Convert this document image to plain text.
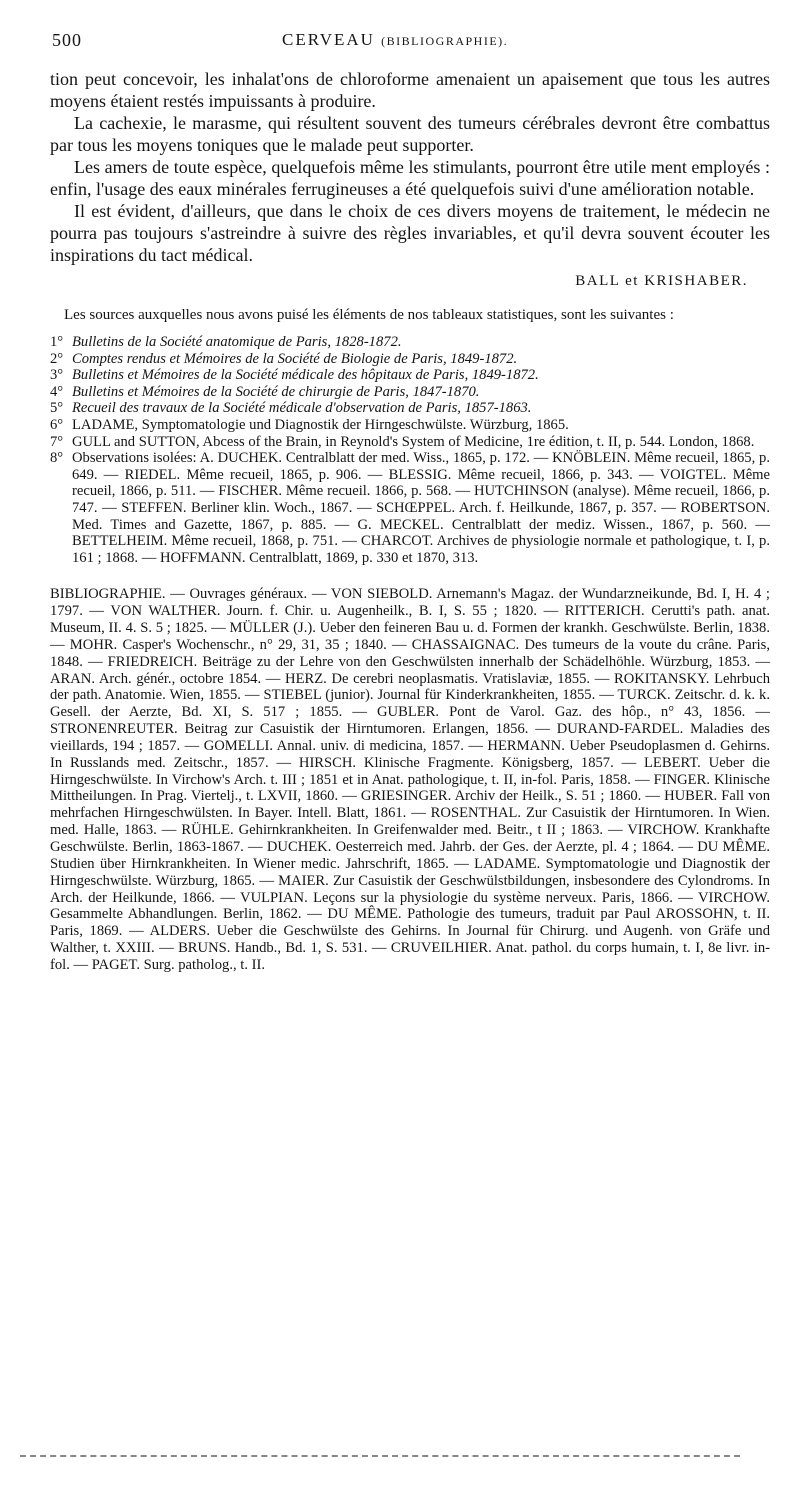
500	CERVEAU (BIBLIOGRAPHIE).

tion peut concevoir, les inhalat'ons de chloroforme amenaient un apaisement que tous les autres moyens étaient restés impuissants à produire.

La cachexie, le marasme, qui résultent souvent des tumeurs cérébrales devront être combattus par tous les moyens toniques que le malade peut supporter.

Les amers de toute espèce, quelquefois même les stimulants, pourront être utile ment employés : enfin, l'usage des eaux minérales ferrugineuses a été quelquefois suivi d'une amélioration notable.

Il est évident, d'ailleurs, que dans le choix de ces divers moyens de traitement, le médecin ne pourra pas toujours s'astreindre à suivre des règles invariables, et qu'il devra souvent écouter les inspirations du tact médical.

BALL et KRISHABER.
Les sources auxquelles nous avons puisé les éléments de nos tableaux statistiques, sont les suivantes :
1° Bulletins de la Société anatomique de Paris, 1828-1872.
2° Comptes rendus et Mémoires de la Société de Biologie de Paris, 1849-1872.
3° Bulletins et Mémoires de la Société médicale des hôpitaux de Paris, 1849-1872.
4° Bulletins et Mémoires de la Société de chirurgie de Paris, 1847-1870.
5° Recueil des travaux de la Société médicale d'observation de Paris, 1857-1863.
6° LADAME, Symptomatologie und Diagnostik der Hirngeschwülste. Würzburg, 1865.
7° GULL and SUTTON, Abcess of the Brain, in Reynold's System of Medicine, 1re édition, t. II, p. 544. London, 1868.
8° Observations isolées: A. DUCHEK. Centralblatt der med. Wiss., 1865, p. 172. — KNÖBLEIN. Même recueil, 1865, p. 649. — RIEDEL. Même recueil, 1865, p. 906. — BLESSIG. Même recueil, 1866, p. 343. — VOIGTEL. Même recueil, 1866, p. 511. — FISCHER. Même recueil. 1866, p. 568. — HUTCHINSON (analyse). Même recueil, 1866, p. 747. — STEFFEN. Berliner klin. Woch., 1867. — SCHŒPPEL. Arch. f. Heilkunde, 1867, p. 357. — ROBERTSON. Med. Times and Gazette, 1867, p. 885. — G. MECKEL. Centralblatt der mediz. Wissen., 1867, p. 560. — BETTELHEIM. Même recueil, 1868, p. 751. — CHARCOT. Archives de physiologie normale et pathologique, t. I, p. 161 ; 1868. — HOFFMANN. Centralblatt, 1869, p. 330 et 1870, 313.
BIBLIOGRAPHIE. — Ouvrages généraux. — VON SIEBOLD. Arnemann's Magaz. der Wundarzneikunde, Bd. I, H. 4 ; 1797. — VON WALTHER. Journ. f. Chir. u. Augenheilk., B. I, S. 55 ; 1820. — RITTERICH. Cerutti's path. anat. Museum, II. 4. S. 5 ; 1825. — MÜLLER (J.). Ueber den feineren Bau u. d. Formen der krankh. Geschwülste. Berlin, 1838. — MOHR. Casper's Wochenschr., n° 29, 31, 35 ; 1840. — CHASSAIGNAC. Des tumeurs de la voute du crâne. Paris, 1848. — FRIEDREICH. Beiträge zu der Lehre von den Geschwülsten innerhalb der Schädelhöhle. Würzburg, 1853. — ARAN. Arch. génér., octobre 1854. — HERZ. De cerebri neoplasmatis. Vratislaviæ, 1855. — ROKITANSKY. Lehrbuch der path. Anatomie. Wien, 1855. — STIEBEL (junior). Journal für Kinderkrankheiten, 1855. — TURCK. Zeitschr. d. k. k. Gesell. der Aerzte, Bd. XI, S. 517 ; 1855. — GUBLER. Pont de Varol. Gaz. des hôp., n° 43, 1856. — STRONENREUTER. Beitrag zur Casuistik der Hirntumoren. Erlangen, 1856. — DURAND-FARDEL. Maladies des vieillards, 194 ; 1857. — GOMELLI. Annal. univ. di medicina, 1857. — HERMANN. Ueber Pseudoplasmen d. Gehirns. In Russlands med. Zeitschr., 1857. — HIRSCH. Klinische Fragmente. Königsberg, 1857. — LEBERT. Ueber die Hirngeschwülste. In Virchow's Arch. t. III ; 1851 et in Anat. pathologique, t. II, in-fol. Paris, 1858. — FINGER. Klinische Mittheilungen. In Prag. Viertelj., t. LXVII, 1860. — GRIESINGER. Archiv der Heilk., S. 51 ; 1860. — HUBER. Fall von mehrfachen Hirngeschwülsten. In Bayer. Intell. Blatt, 1861. — ROSENTHAL. Zur Casuistik der Hirntumoren. In Wien. med. Halle, 1863. — RÜHLE. Gehirnkrankheiten. In Greifenwalder med. Beitr., t II ; 1863. — VIRCHOW. Krankhafte Geschwülste. Berlin, 1863-1867. — DUCHEK. Oesterreich med. Jahrb. der Ges. der Aerzte, pl. 4 ; 1864. — DU MÊME. Studien über Hirnkrankheiten. In Wiener medic. Jahrschrift, 1865. — LADAME. Symptomatologie und Diagnostik der Hirngeschwülste. Würzburg, 1865. — MAIER. Zur Casuistik der Geschwülstbildungen, insbesondere des Cylondroms. In Arch. der Heilkunde, 1866. — VULPIAN. Leçons sur la physiologie du système nerveux. Paris, 1866. — VIRCHOW. Gesammelte Abhandlungen. Berlin, 1862. — DU MÊME. Pathologie des tumeurs, traduit par Paul AROSSOHN, t. II. Paris, 1869. — ALDERS. Ueber die Geschwülste des Gehirns. In Journal für Chirurg. und Augenh. von Gräfe und Walther, t. XXIII. — BRUNS. Handb., Bd. 1, S. 531. — CRUVEILHIER. Anat. pathol. du corps humain, t. I, 8e livr. in-fol. — PAGET. Surg. patholog., t. II.
